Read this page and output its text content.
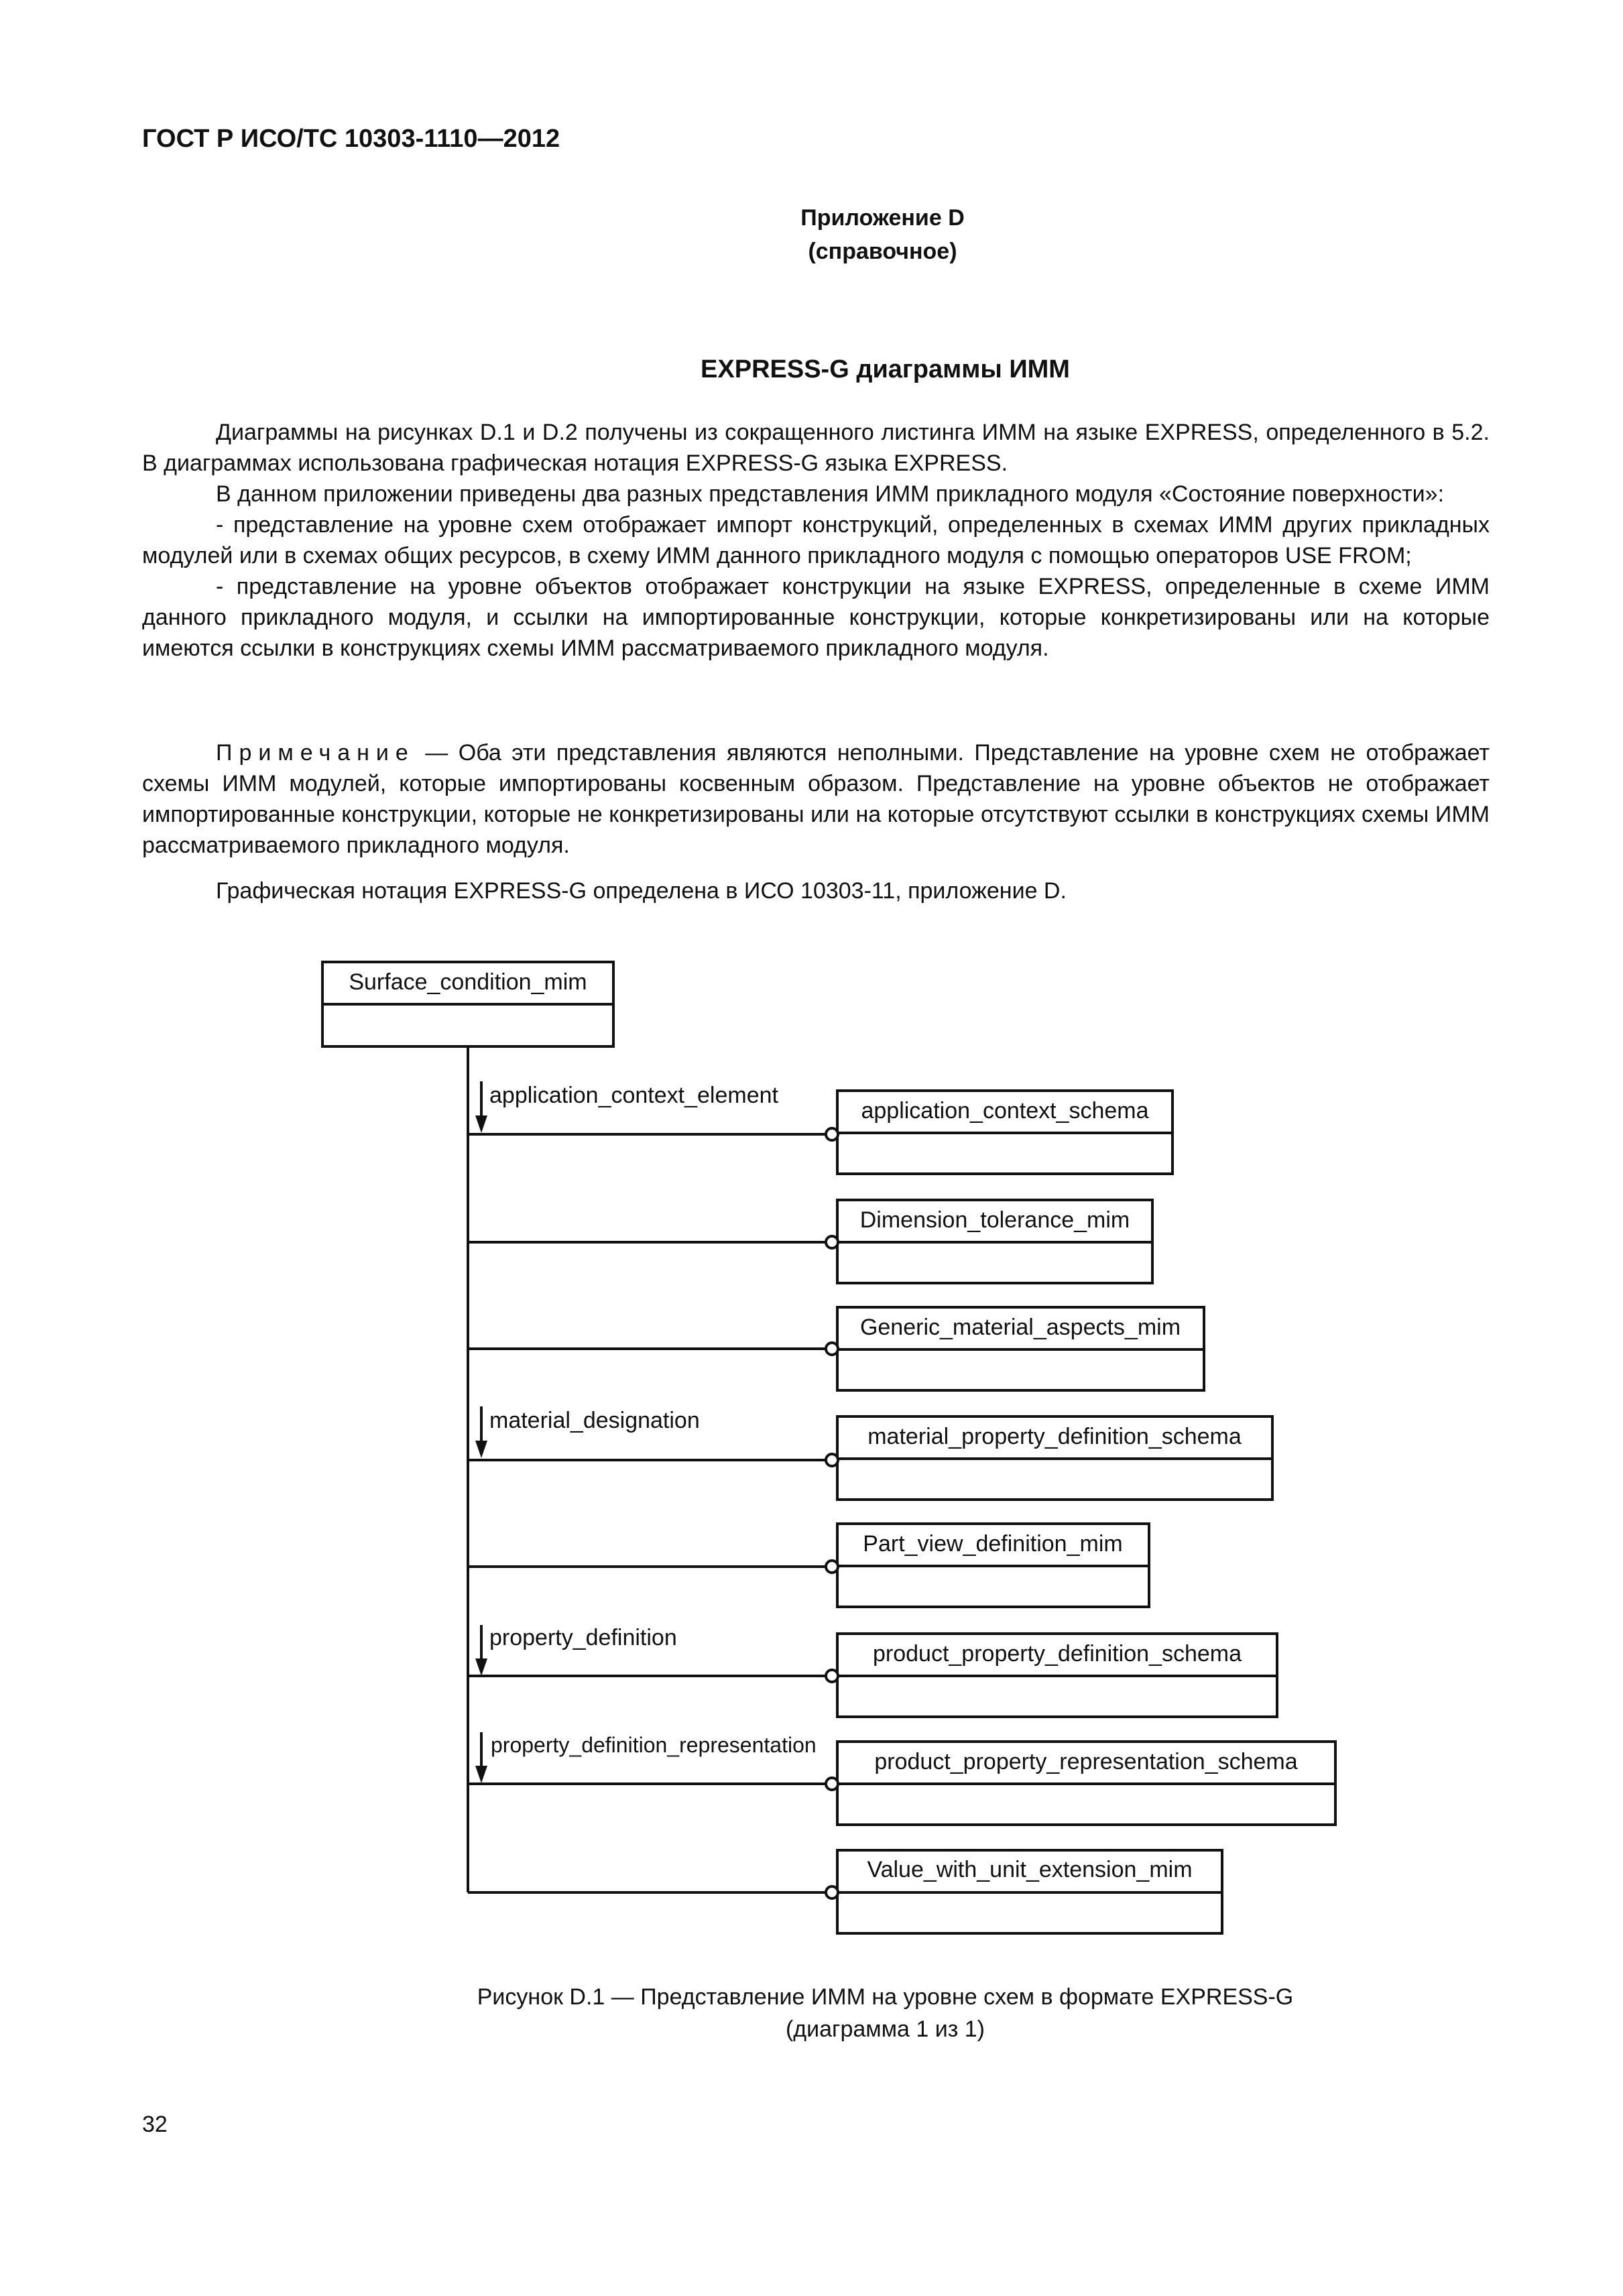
ГОСТ Р ИСО/ТС 10303-1110—2012
Приложение D
(справочное)
EXPRESS-G диаграммы ИММ

Диаграммы на рисунках D.1 и D.2 получены из сокращенного листинга ИММ на языке EXPRESS, определенного в 5.2. В диаграммах использована графическая нотация EXPRESS-G языка EXPRESS.

В данном приложении приведены два разных представления ИММ прикладного модуля «Состояние поверхности»:

- представление на уровне схем отображает импорт конструкций, определенных в схемах ИММ других прикладных модулей или в схемах общих ресурсов, в схему ИММ данного прикладного модуля с помощью операторов USE FROM;

- представление на уровне объектов отображает конструкции на языке EXPRESS, определенные в схеме ИММ данного прикладного модуля, и ссылки на импортированные конструкции, которые конкретизированы или на которые имеются ссылки в конструкциях схемы ИММ рассматриваемого прикладного модуля.

Примечание — Оба эти представления являются неполными. Представление на уровне схем не отображает схемы ИММ модулей, которые импортированы косвенным образом. Представление на уровне объектов не отображает импортированные конструкции, которые не конкретизированы или на которые отсутствуют ссылки в конструкциях схемы ИММ рассматриваемого прикладного модуля.

Графическая нотация EXPRESS-G определена в ИСО 10303-11, приложение D.

Surface_condition_mim
application_context_schema
Dimension_tolerance_mim
Generic_material_aspects_mim
material_property_definition_schema
Part_view_definition_mim
product_property_definition_schema
product_property_representation_schema
Value_with_unit_extension_mim
application_context_element
material_designation
property_definition
property_definition_representation
Рисунок D.1 — Представление ИММ на уровне схем в формате EXPRESS-G
(диаграмма 1 из 1)
32
